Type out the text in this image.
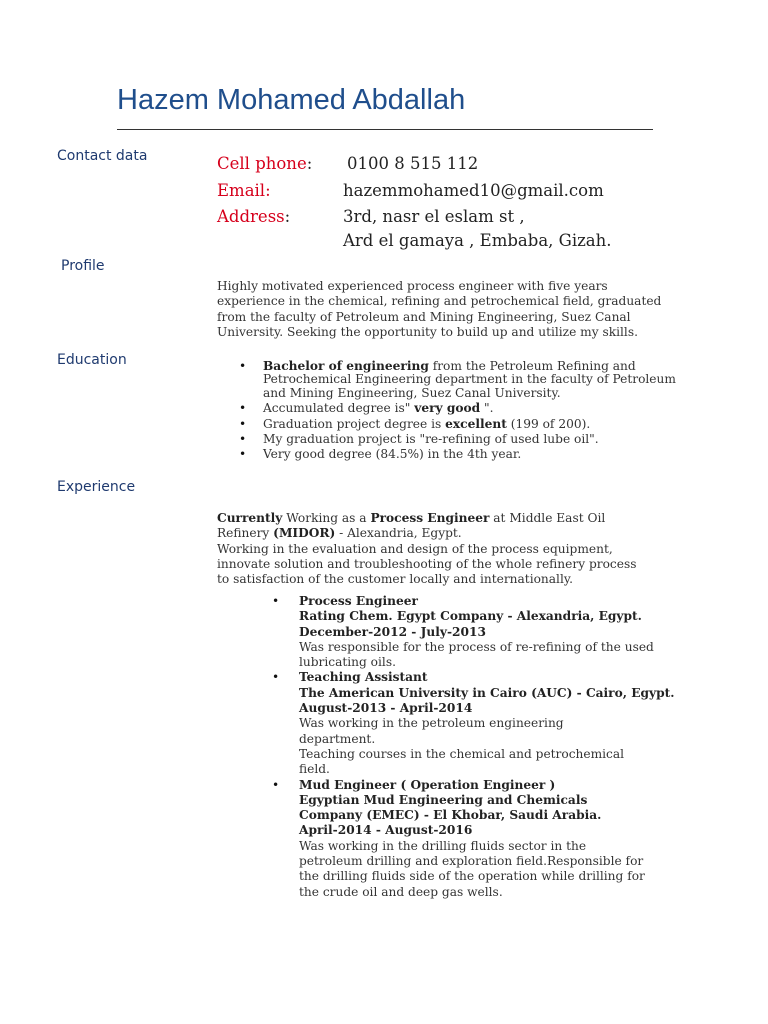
Hazem Mohamed Abdallah
Contact data	Cell phone: 0100 8 515 112
Email:	hazemmohamed10@gmail.com
Address:	3rd, nasr el eslam st ,
Ard el gamaya , Embaba, Gizah.
Profile

Highly motivated experienced process engineer with five years experience in the chemical, refining and petrochemical field, graduated from the faculty of Petroleum and Mining Engineering, Suez Canal University. Seeking the opportunity to build up and utilize my skills.

Education
•	Bachelor of engineering from the Petroleum Refining and Petrochemical Engineering department in the faculty of Petroleum and Mining Engineering, Suez Canal University.
• Accumulated degree is" very good ".
• Graduation project degree is excellent (199 of 200).
• My graduation project is "re-refining of used lube oil".
• Very good degree (84.5%) in the 4th year.
Experience

Currently Working as a Process Engineer at Middle East Oil Refinery (MIDOR) - Alexandria, Egypt.
Working in the evaluation and design of the process equipment, innovate solution and troubleshooting of the whole refinery process to satisfaction of the customer locally and internationally.

• Process Engineer
Rating Chem. Egypt Company - Alexandria, Egypt.
December-2012 - July-2013
Was responsible for the process of re-refining of the used lubricating oils.
• Teaching Assistant
The American University in Cairo (AUC) - Cairo, Egypt.
August-2013 - April-2014
Was working in the petroleum engineering department.
Teaching courses in the chemical and petrochemical field.
• Mud Engineer ( Operation Engineer )
Egyptian Mud Engineering and Chemicals Company (EMEC) - El Khobar, Saudi Arabia.
April-2014 - August-2016
Was working in the drilling fluids sector in the petroleum drilling and exploration field.Responsible for the drilling fluids side of the operation while drilling for the crude oil and deep gas wells.
